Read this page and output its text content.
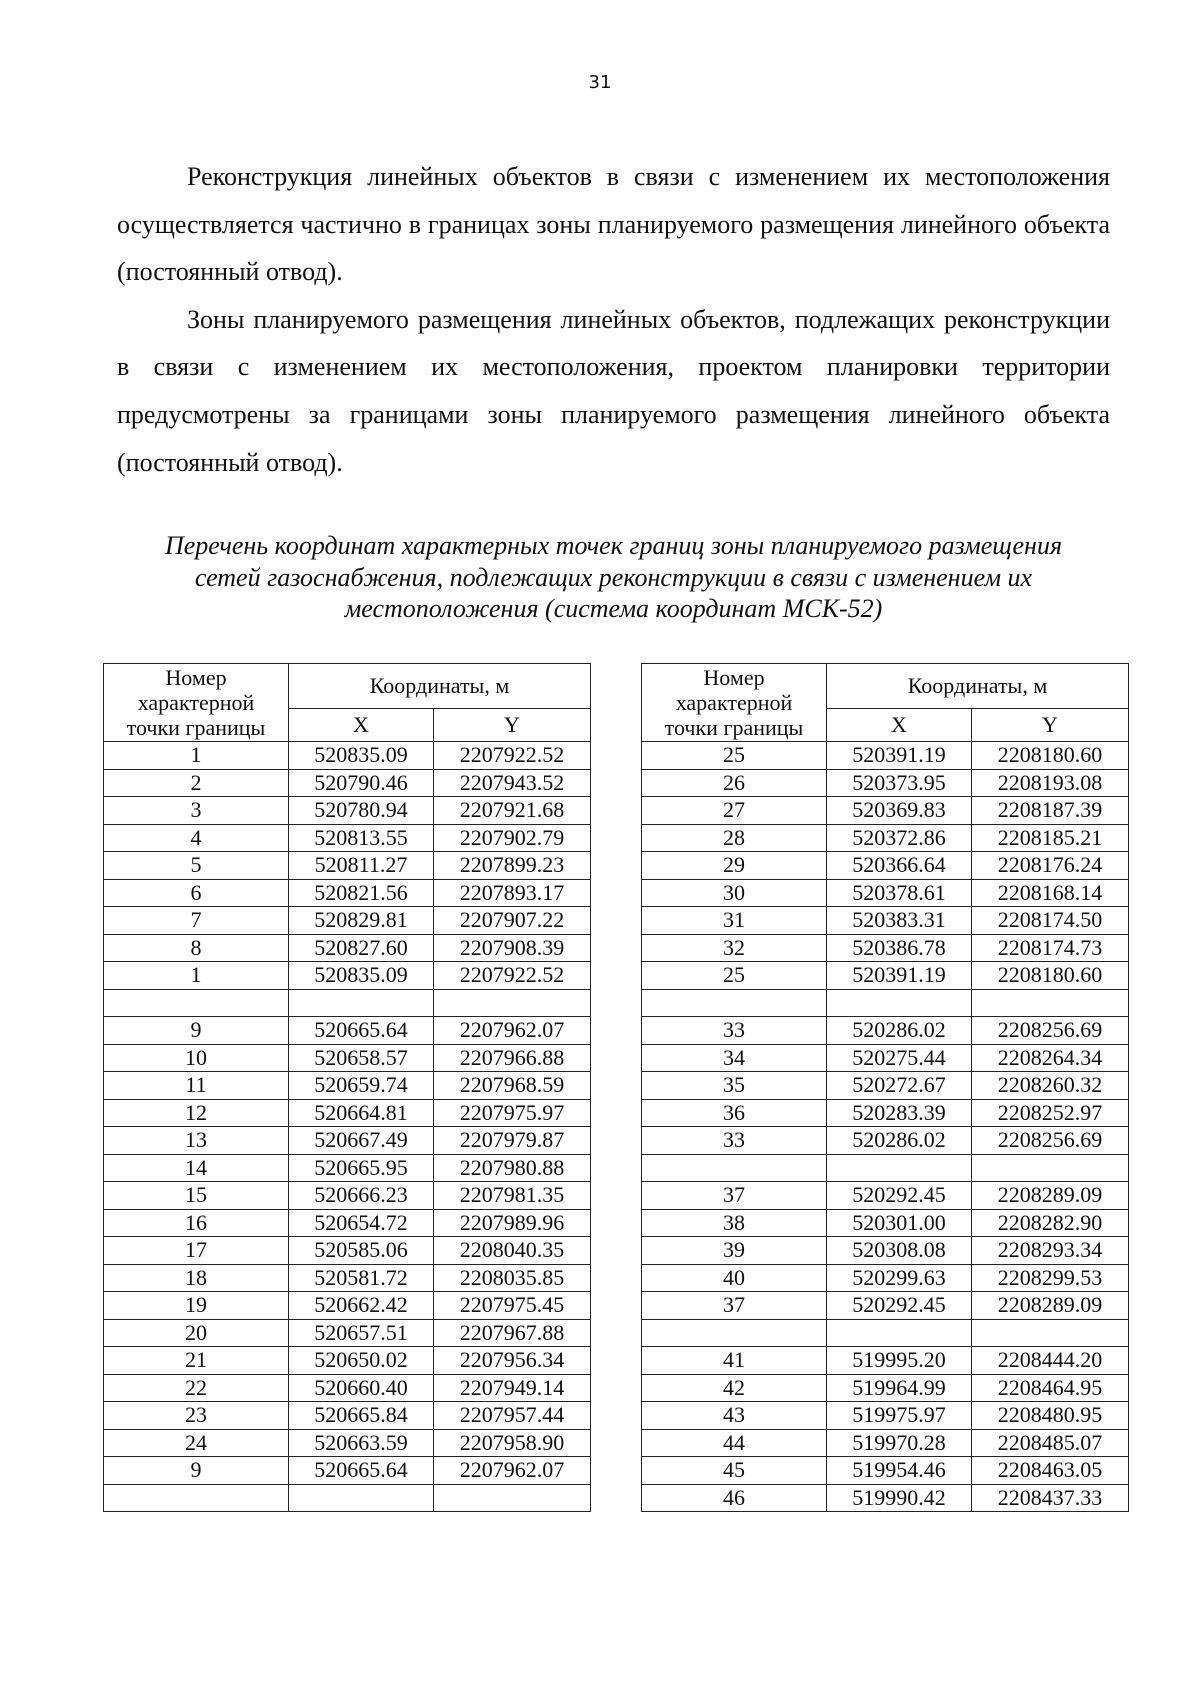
31

Реконструкция линейных объектов в связи с изменением их местоположения осуществляется частично в границах зоны планируемого размещения линейного объекта (постоянный отвод).

Зоны планируемого размещения линейных объектов, подлежащих реконструкции в связи с изменением их местоположения, проектом планировки территории предусмотрены за границами зоны планируемого размещения линейного объекта (постоянный отвод).

Перечень координат характерных точек границ зоны планируемого размещения
сетей газоснабжения, подлежащих реконструкции в связи с изменением их
местоположения (система координат МСК-52)
Номер
характерной
точки границы	Координаты, м	
	X	Y
1	520835.09	2207922.52
2	520790.46	2207943.52
3	520780.94	2207921.68
4	520813.55	2207902.79
5	520811.27	2207899.23
6	520821.56	2207893.17
7	520829.81	2207907.22
8	520827.60	2207908.39
1	520835.09	2207922.52

9	520665.64	2207962.07
10	520658.57	2207966.88
11	520659.74	2207968.59
12	520664.81	2207975.97
13	520667.49	2207979.87
14	520665.95	2207980.88
15	520666.23	2207981.35
16	520654.72	2207989.96
17	520585.06	2208040.35
18	520581.72	2208035.85
19	520662.42	2207975.45
20	520657.51	2207967.88
21	520650.02	2207956.34
22	520660.40	2207949.14
23	520665.84	2207957.44
24	520663.59	2207958.90
9	520665.64	2207962.07

Номер
характерной
точки границы	Координаты, м	
	X	Y
25	520391.19	2208180.60
26	520373.95	2208193.08
27	520369.83	2208187.39
28	520372.86	2208185.21
29	520366.64	2208176.24
30	520378.61	2208168.14
31	520383.31	2208174.50
32	520386.78	2208174.73
25	520391.19	2208180.60

33	520286.02	2208256.69
34	520275.44	2208264.34
35	520272.67	2208260.32
36	520283.39	2208252.97
33	520286.02	2208256.69

37	520292.45	2208289.09
38	520301.00	2208282.90
39	520308.08	2208293.34
40	520299.63	2208299.53
37	520292.45	2208289.09

41	519995.20	2208444.20
42	519964.99	2208464.95
43	519975.97	2208480.95
44	519970.28	2208485.07
45	519954.46	2208463.05
46	519990.42	2208437.33
